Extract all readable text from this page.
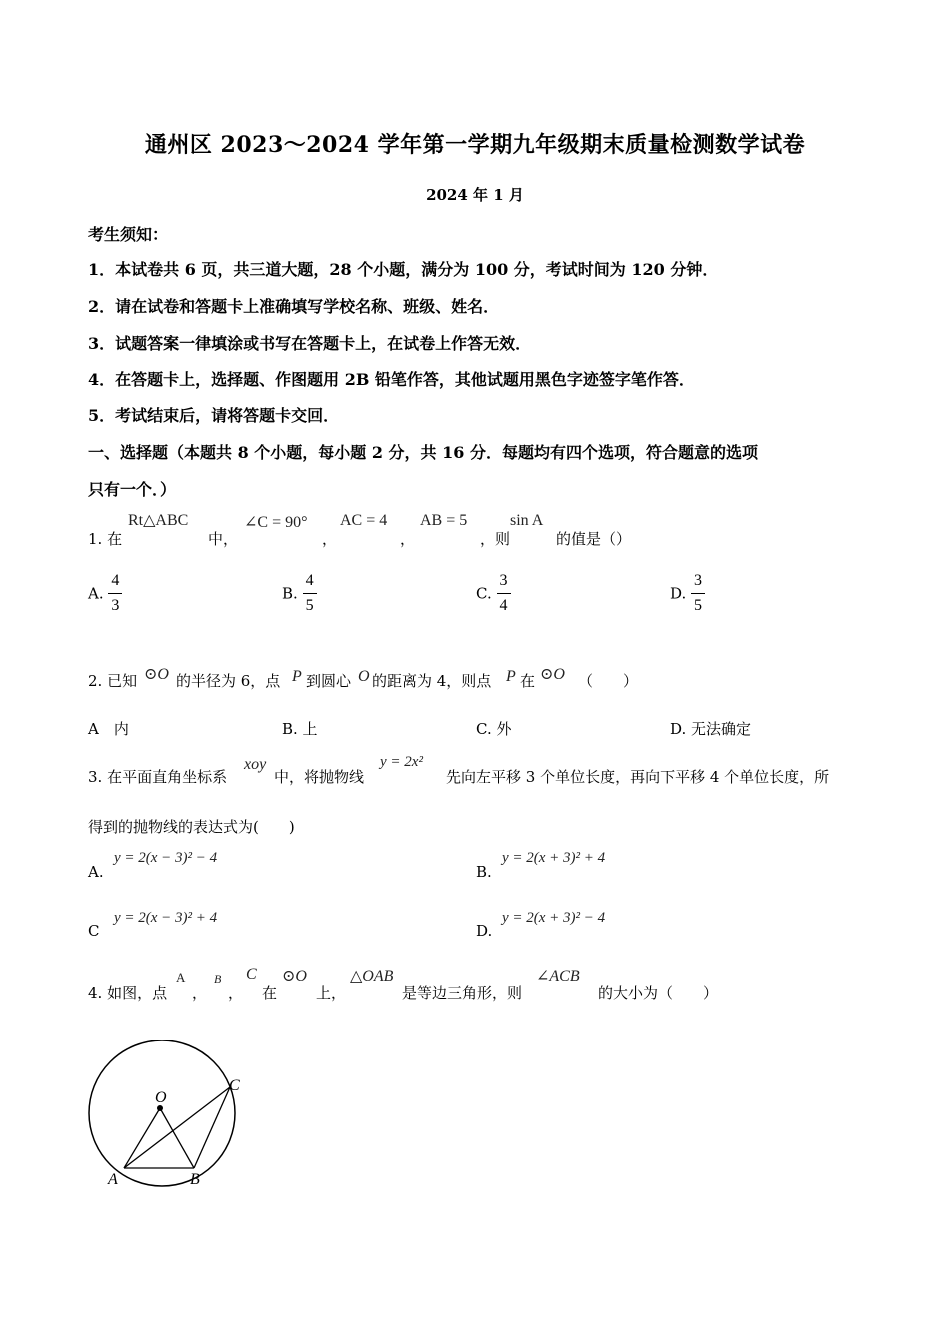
通州区 2023～2024 学年第一学期九年级期末质量检测数学试卷
2024 年 1 月
考生须知：
1．本试卷共 6 页，共三道大题，28 个小题，满分为 100 分，考试时间为 120 分钟．
2．请在试卷和答题卡上准确填写学校名称、班级、姓名．
3．试题答案一律填涂或书写在答题卡上，在试卷上作答无效．
4．在答题卡上，选择题、作图题用 2B 铅笔作答，其他试题用黑色字迹签字笔作答．
5．考试结束后，请将答题卡交回．
一、选择题（本题共 8 个小题，每小题 2 分，共 16 分．每题均有四个选项，符合题意的选项
只有一个．）
1. 在
Rt△ABC
中，
∠C = 90°
，
AC = 4
，
AB = 5
，则
sin A
的值是（）
A. $\frac{4}{3}$	B. $\frac{4}{5}$	C. $\frac{3}{4}$	D. $\frac{3}{5}$
2. 已知 ⊙O 的半径为 6，点 P 到圆心 O 的距离为 4，则点 P 在 ⊙O （　　）
A　内	B. 上	C. 外	D. 无法确定
3. 在平面直角坐标系
xoy
中，将抛物线
y = 2x²
先向左平移 3 个单位长度，再向下平移 4 个单位长度，所
得到的抛物线的表达式为(　　)
A.
y = 2(x − 3)² − 4
B.
y = 2(x + 3)² + 4
C
y = 2(x − 3)² + 4
D.
y = 2(x + 3)² − 4
4. 如图，点
A
，
B
，
C
在
⊙O
上，
△OAB
是等边三角形，则
∠ACB
的大小为（　　）
O
A	B
C
